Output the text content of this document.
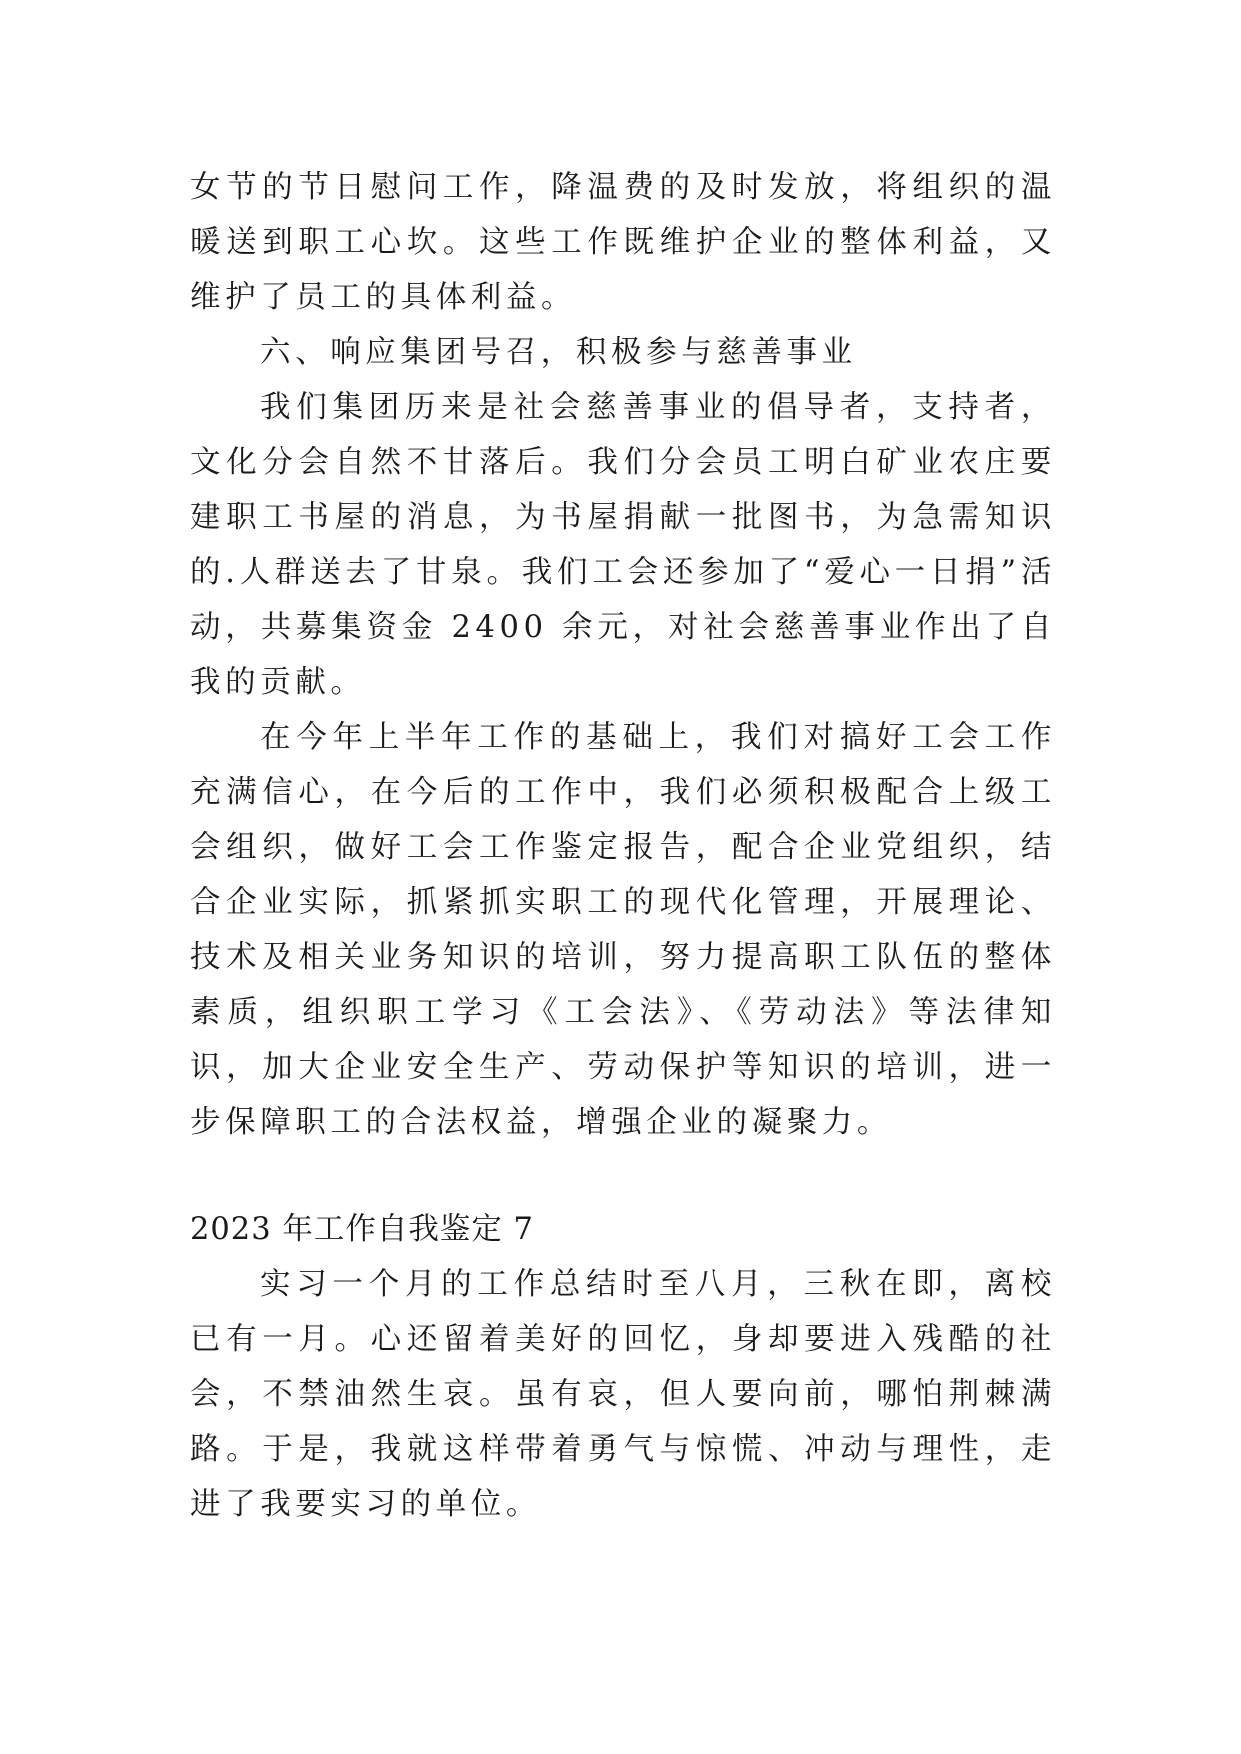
女节的节日慰问工作，降温费的及时发放，将组织的温暖送到职工心坎。这些工作既维护企业的整体利益，又维护了员工的具体利益。

六、响应集团号召，积极参与慈善事业

我们集团历来是社会慈善事业的倡导者，支持者，文化分会自然不甘落后。我们分会员工明白矿业农庄要建职工书屋的消息，为书屋捐献一批图书，为急需知识的.人群送去了甘泉。我们工会还参加了“爱心一日捐”活动，共募集资金 2400 余元，对社会慈善事业作出了自我的贡献。

在今年上半年工作的基础上，我们对搞好工会工作充满信心，在今后的工作中，我们必须积极配合上级工会组织，做好工会工作鉴定报告，配合企业党组织，结合企业实际，抓紧抓实职工的现代化管理，开展理论、技术及相关业务知识的培训，努力提高职工队伍的整体素质，组织职工学习《工会法》、《劳动法》等法律知识，加大企业安全生产、劳动保护等知识的培训，进一步保障职工的合法权益，增强企业的凝聚力。

2023 年工作自我鉴定 7

实习一个月的工作总结时至八月，三秋在即，离校已有一月。心还留着美好的回忆，身却要进入残酷的社会，不禁油然生哀。虽有哀，但人要向前，哪怕荆棘满路。于是，我就这样带着勇气与惊慌、冲动与理性，走进了我要实习的单位。
